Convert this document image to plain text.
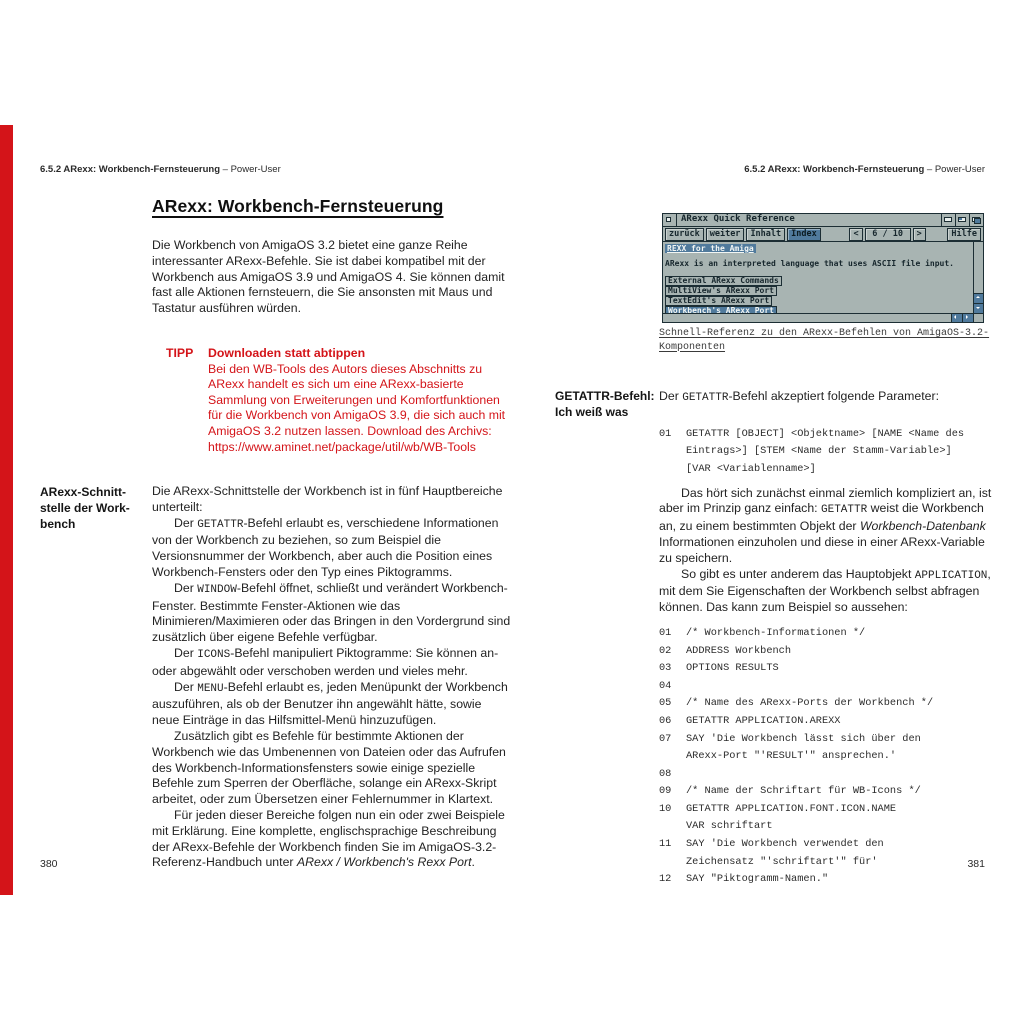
6.5.2 ARexx: Workbench-Fernsteuerung – Power-User	6.5.2 ARexx: Workbench-Fernsteuerung – Power-User
ARexx: Workbench-Fernsteuerung

Die Workbench von AmigaOS 3.2 bietet eine ganze Reihe interessanter ARexx-Befehle. Sie ist dabei kompatibel mit der Workbench aus AmigaOS 3.9 und AmigaOS 4. Sie können damit fast alle Aktionen fernsteuern, die Sie ansonsten mit Maus und Tastatur ausführen würden.

TIPP Downloaden statt abtippen
Bei den WB-Tools des Autors dieses Abschnitts zu ARexx handelt es sich um eine ARexx-basierte Sammlung von Erweiterungen und Komfortfunktionen für die Workbench von AmigaOS 3.9, die sich auch mit AmigaOS 3.2 nutzen lassen. Download des Archivs:
https://www.aminet.net/package/util/wb/WB-Tools
ARexx-Schnitt-
stelle der Work-
bench

Die ARexx-Schnittstelle der Workbench ist in fünf Hauptbereiche unterteilt:

Der GETATTR-Befehl erlaubt es, verschiedene Informationen von der Workbench zu beziehen, so zum Beispiel die Versionsnummer der Workbench, aber auch die Position eines Workbench-Fensters oder den Typ eines Piktogramms.

Der WINDOW-Befehl öffnet, schließt und verändert Workbench-Fenster. Bestimmte Fenster-Aktionen wie das Minimieren/Maximieren oder das Bringen in den Vordergrund sind zusätzlich über eigene Befehle verfügbar.

Der ICONS-Befehl manipuliert Piktogramme: Sie können an- oder abgewählt oder verschoben werden und vieles mehr.

Der MENU-Befehl erlaubt es, jeden Menüpunkt der Workbench auszuführen, als ob der Benutzer ihn angewählt hätte, sowie neue Einträge in das Hilfsmittel-Menü hinzuzufügen.

Zusätzlich gibt es Befehle für bestimmte Aktionen der Workbench wie das Umbenennen von Dateien oder das Aufrufen des Workbench-Informationsfensters sowie einige spezielle Befehle zum Sperren der Oberfläche, solange ein ARexx-Skript arbeitet, oder zum Übersetzen einer Fehlernummer in Klartext.

Für jeden dieser Bereiche folgen nun ein oder zwei Beispiele mit Erklärung. Eine komplette, englischsprachige Beschreibung der ARexx-Befehle der Workbench finden Sie im AmigaOS-3.2-Referenz-Handbuch unter ARexx / Workbench's Rexx Port.

380
ARexx Quick Reference
zurück	weiter	Inhalt	Index	<	6 / 10	>	Hilfe
REXX for the Amiga
ARexx is an interpreted language that uses ASCII file input.
External ARexx Commands
MultiView's ARexx Port
TextEdit's ARexx Port
Workbench's ARexx Port
Schnell-Referenz zu den ARexx-Befehlen von AmigaOS-3.2-
Komponenten
GETATTR-Befehl:
Ich weiß was

Der GETATTR-Befehl akzeptiert folgende Parameter:

01	GETATTR [OBJECT] <Objektname> [NAME <Name des
Eintrags>] [STEM <Name der Stamm-Variable>]
[VAR <Variablenname>]

Das hört sich zunächst einmal ziemlich kompliziert an, ist aber im Prinzip ganz einfach: GETATTR weist die Workbench an, zu einem bestimmten Objekt der Workbench-Datenbank Informationen einzuholen und diese in einer ARexx-Variable zu speichern.

So gibt es unter anderem das Hauptobjekt APPLICATION, mit dem Sie Eigenschaften der Workbench selbst abfragen können. Das kann zum Beispiel so aussehen:

01	/* Workbench-Informationen */
02	ADDRESS Workbench
03	OPTIONS RESULTS
04
05	/* Name des ARexx-Ports der Workbench */
06	GETATTR APPLICATION.AREXX
07	SAY 'Die Workbench lässt sich über den
ARexx-Port "'RESULT'" ansprechen.'
08
09	/* Name der Schriftart für WB-Icons */
10	GETATTR APPLICATION.FONT.ICON.NAME
VAR schriftart
11	SAY 'Die Workbench verwendet den
Zeichensatz "'schriftart'" für'
12	SAY "Piktogramm-Namen."
381
